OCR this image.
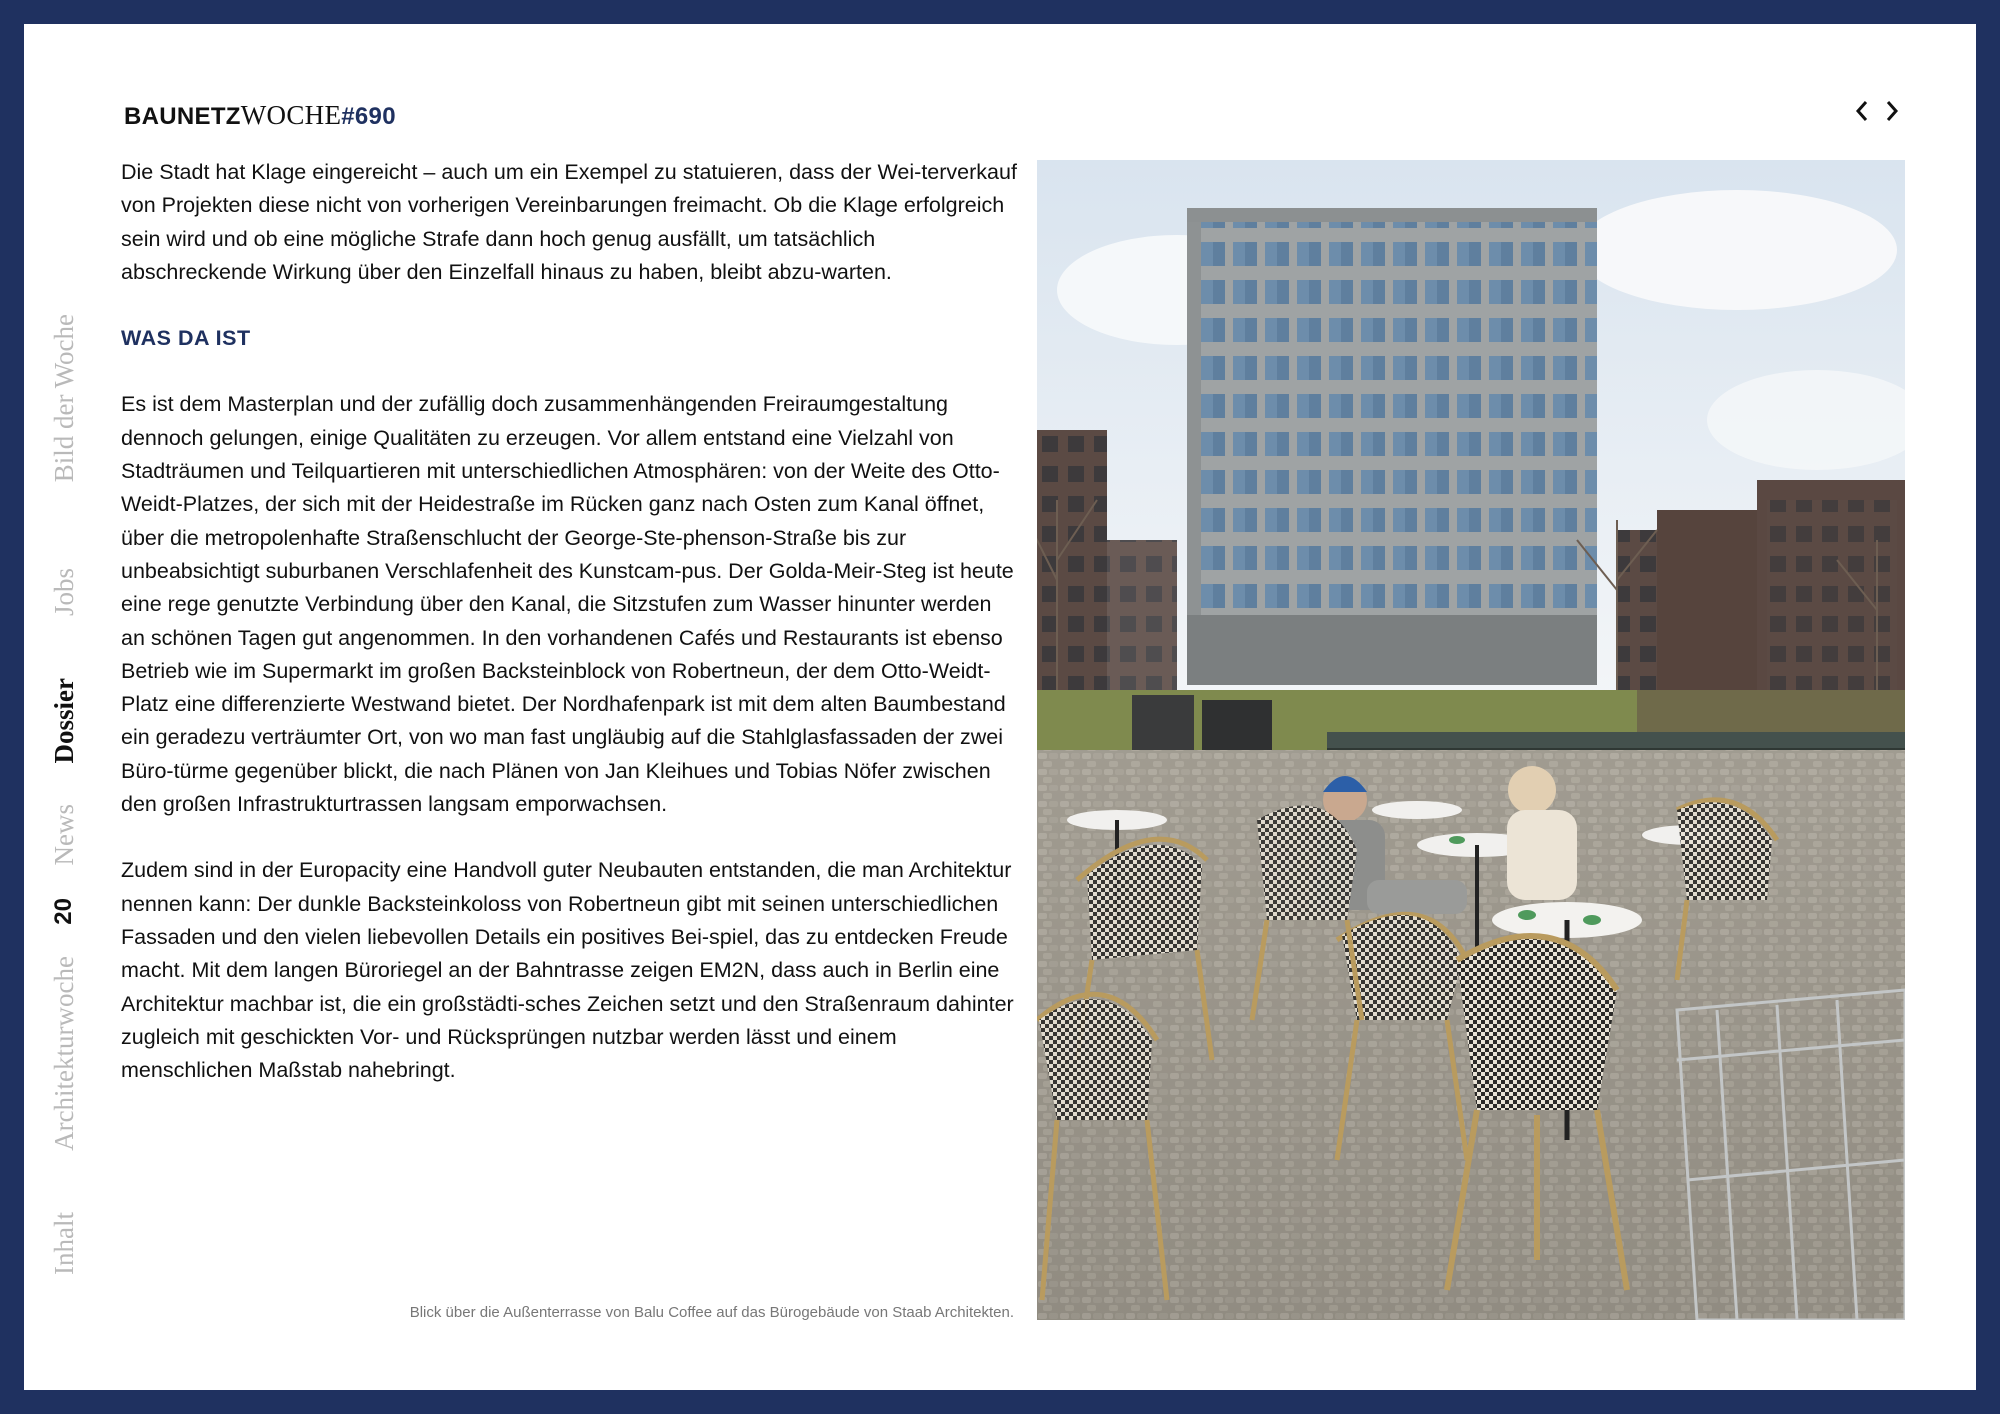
BAUNETZWOCHE#690
Bild der Woche
Jobs
Dossier
News
20
Architekturwoche
Inhalt

Die Stadt hat Klage eingereicht – auch um ein Exempel zu statuieren, dass der Wei-terverkauf von Projekten diese nicht von vorherigen Vereinbarungen freimacht. Ob die Klage erfolgreich sein wird und ob eine mögliche Strafe dann hoch genug ausfällt, um tatsächlich abschreckende Wirkung über den Einzelfall hinaus zu haben, bleibt abzu-warten.

WAS DA IST

Es ist dem Masterplan und der zufällig doch zusammenhängenden Freiraumgestaltung dennoch gelungen, einige Qualitäten zu erzeugen. Vor allem entstand eine Vielzahl von Stadträumen und Teilquartieren mit unterschiedlichen Atmosphären: von der Weite des Otto-Weidt-Platzes, der sich mit der Heidestraße im Rücken ganz nach Osten zum Kanal öffnet, über die metropolenhafte Straßenschlucht der George-Ste-phenson-Straße bis zur unbeabsichtigt suburbanen Verschlafenheit des Kunstcam-pus. Der Golda-Meir-Steg ist heute eine rege genutzte Verbindung über den Kanal, die Sitzstufen zum Wasser hinunter werden an schönen Tagen gut angenommen. In den vorhandenen Cafés und Restaurants ist ebenso Betrieb wie im Supermarkt im großen Backsteinblock von Robertneun, der dem Otto-Weidt-Platz eine differenzierte Westwand bietet. Der Nordhafenpark ist mit dem alten Baumbestand ein geradezu verträumter Ort, von wo man fast ungläubig auf die Stahlglasfassaden der zwei Büro-türme gegenüber blickt, die nach Plänen von Jan Kleihues und Tobias Nöfer zwischen den großen Infrastrukturtrassen langsam emporwachsen.

Zudem sind in der Europacity eine Handvoll guter Neubauten entstanden, die man Architektur nennen kann: Der dunkle Backsteinkoloss von Robertneun gibt mit seinen unterschiedlichen Fassaden und den vielen liebevollen Details ein positives Bei-spiel, das zu entdecken Freude macht. Mit dem langen Büroriegel an der Bahntrasse zeigen EM2N, dass auch in Berlin eine Architektur machbar ist, die ein großstädti-sches Zeichen setzt und den Straßenraum dahinter zugleich mit geschickten Vor- und Rücksprüngen nutzbar werden lässt und einem menschlichen Maßstab nahebringt.

Blick über die Außenterrasse von Balu Coffee auf das Bürogebäude von Staab Architekten.
